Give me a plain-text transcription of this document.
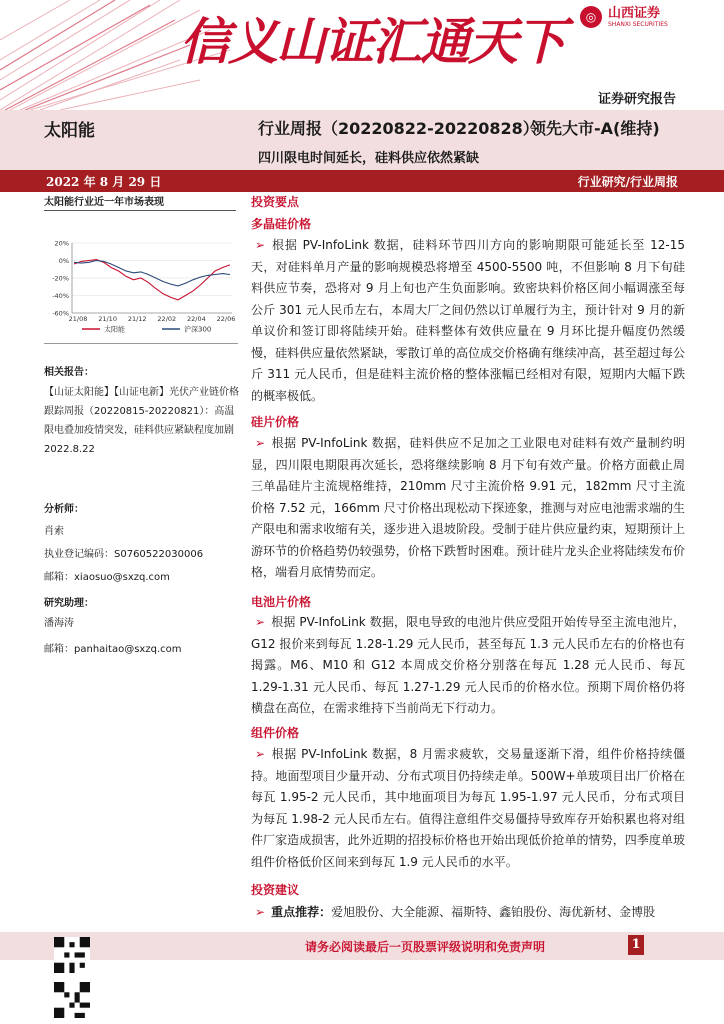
信义山证汇通天下	◎ 山西证券
SHANXI SECURITIES
证券研究报告
太阳能	行业周报（20220822-20220828）
领先大市-A(维持)
四川限电时间延长，硅料供应依然紧缺
2022 年 8 月 29 日	行业研究/行业周报
太阳能行业近一年市场表现
20%
0%
-20%
-40%
-60%
21/08 21/10 21/12 22/02 22/04 22/06
太阳能	沪深300
相关报告：
【山证太阳能】【山证电新】光伏产业链价格跟踪周报（20220815-20220821）：高温限电叠加疫情突发，硅料供应紧缺程度加剧 2022.8.22
分析师：
肖索
执业登记编码：S0760522030006
邮箱：xiaosuo@sxzq.com
研究助理：
潘海涛
邮箱：panhaitao@sxzq.com
投资要点
多晶硅价格
➢ 根据 PV-InfoLink 数据，硅料环节四川方向的影响期限可能延长至 12-15 天，对硅料单月产量的影响规模恐将增至 4500-5500 吨，不但影响 8 月下旬硅料供应节奏，恐将对 9 月上旬也产生负面影响。致密块料价格区间小幅调涨至每公斤 301 元人民币左右，本周大厂之间仍然以订单履行为主，预计针对 9 月的新单议价和签订即将陆续开始。硅料整体有效供应量在 9 月环比提升幅度仍然缓慢，硅料供应量依然紧缺，零散订单的高位成交价格确有继续冲高，甚至超过每公斤 311 元人民币，但是硅料主流价格的整体涨幅已经相对有限，短期内大幅下跌的概率极低。
硅片价格
➢ 根据 PV-InfoLink 数据，硅料供应不足加之工业限电对硅料有效产量制约明显，四川限电期限再次延长，恐将继续影响 8 月下旬有效产量。价格方面截止周三单晶硅片主流规格维持，210mm 尺寸主流价格 9.91 元，182mm 尺寸主流价格 7.52 元，166mm 尺寸价格出现松动下探迹象，推测与对应电池需求端的生产限电和需求收缩有关，逐步进入退坡阶段。受制于硅片供应量约束，短期预计上游环节的价格趋势仍较强势，价格下跌暂时困难。预计硅片龙头企业将陆续发布价格，端看月底情势而定。
电池片价格
➢ 根据 PV-InfoLink 数据，限电导致的电池片供应受阻开始传导至主流电池片，G12 报价来到每瓦 1.28-1.29 元人民币，甚至每瓦 1.3 元人民币左右的价格也有揭露。M6、M10 和 G12 本周成交价格分别落在每瓦 1.28 元人民币、每瓦 1.29-1.31 元人民币、每瓦 1.27-1.29 元人民币的价格水位。预期下周价格仍将横盘在高位，在需求维持下当前尚无下行动力。
组件价格
➢ 根据 PV-InfoLink 数据，8 月需求疲软，交易量逐渐下滑，组件价格持续僵持。地面型项目少量开动、分布式项目仍持续走单。500W+单玻项目出厂价格在每瓦 1.95-2 元人民币，其中地面项目为每瓦 1.95-1.97 元人民币，分布式项目为每瓦 1.98-2 元人民币左右。值得注意组件交易僵持导致库存开始积累也将对组件厂家造成损害，此外近期的招投标价格也开始出现低价抢单的情势，四季度单玻组件价格低价区间来到每瓦 1.9 元人民币的水平。
投资建议
➢ 重点推荐：爱旭股份、大全能源、福斯特、鑫铂股份、海优新材、金博股
请务必阅读最后一页股票评级说明和免责声明	1
